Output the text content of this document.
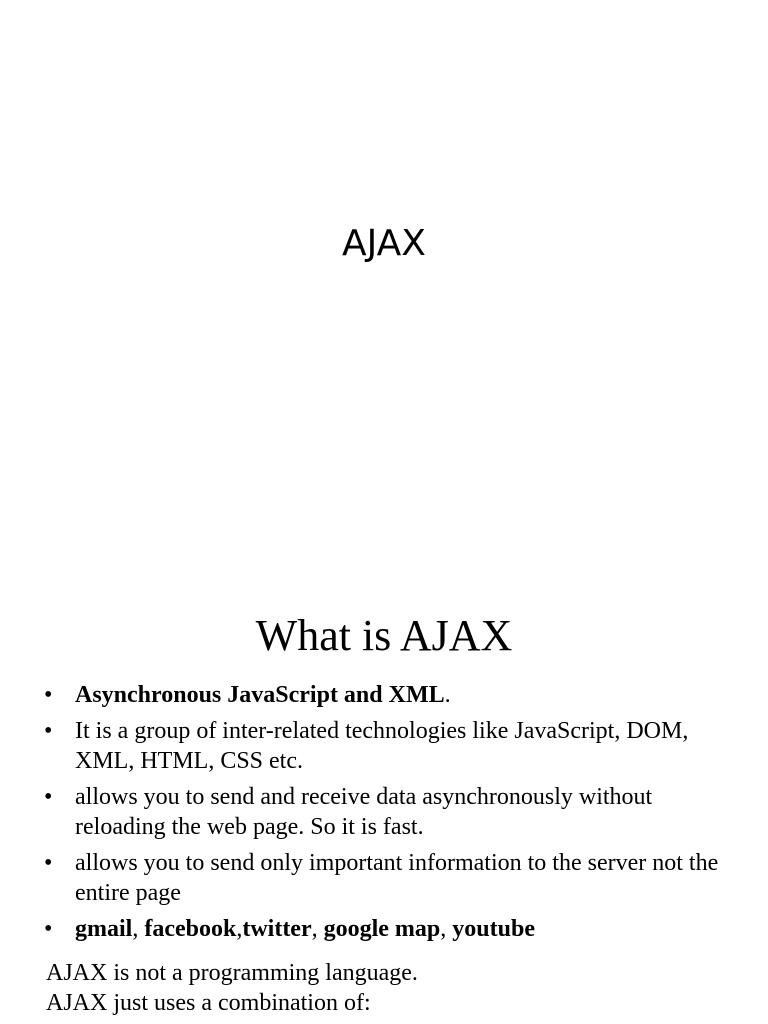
AJAX
What is AJAX
• Asynchronous JavaScript and XML.
• It is a group of inter-related technologies like JavaScript, DOM, XML, HTML, CSS etc.
• allows you to send and receive data asynchronously without reloading the web page. So it is fast.
• allows you to send only important information to the server not the entire page
• gmail, facebook,twitter, google map, youtube
AJAX is not a programming language.
AJAX just uses a combination of:
